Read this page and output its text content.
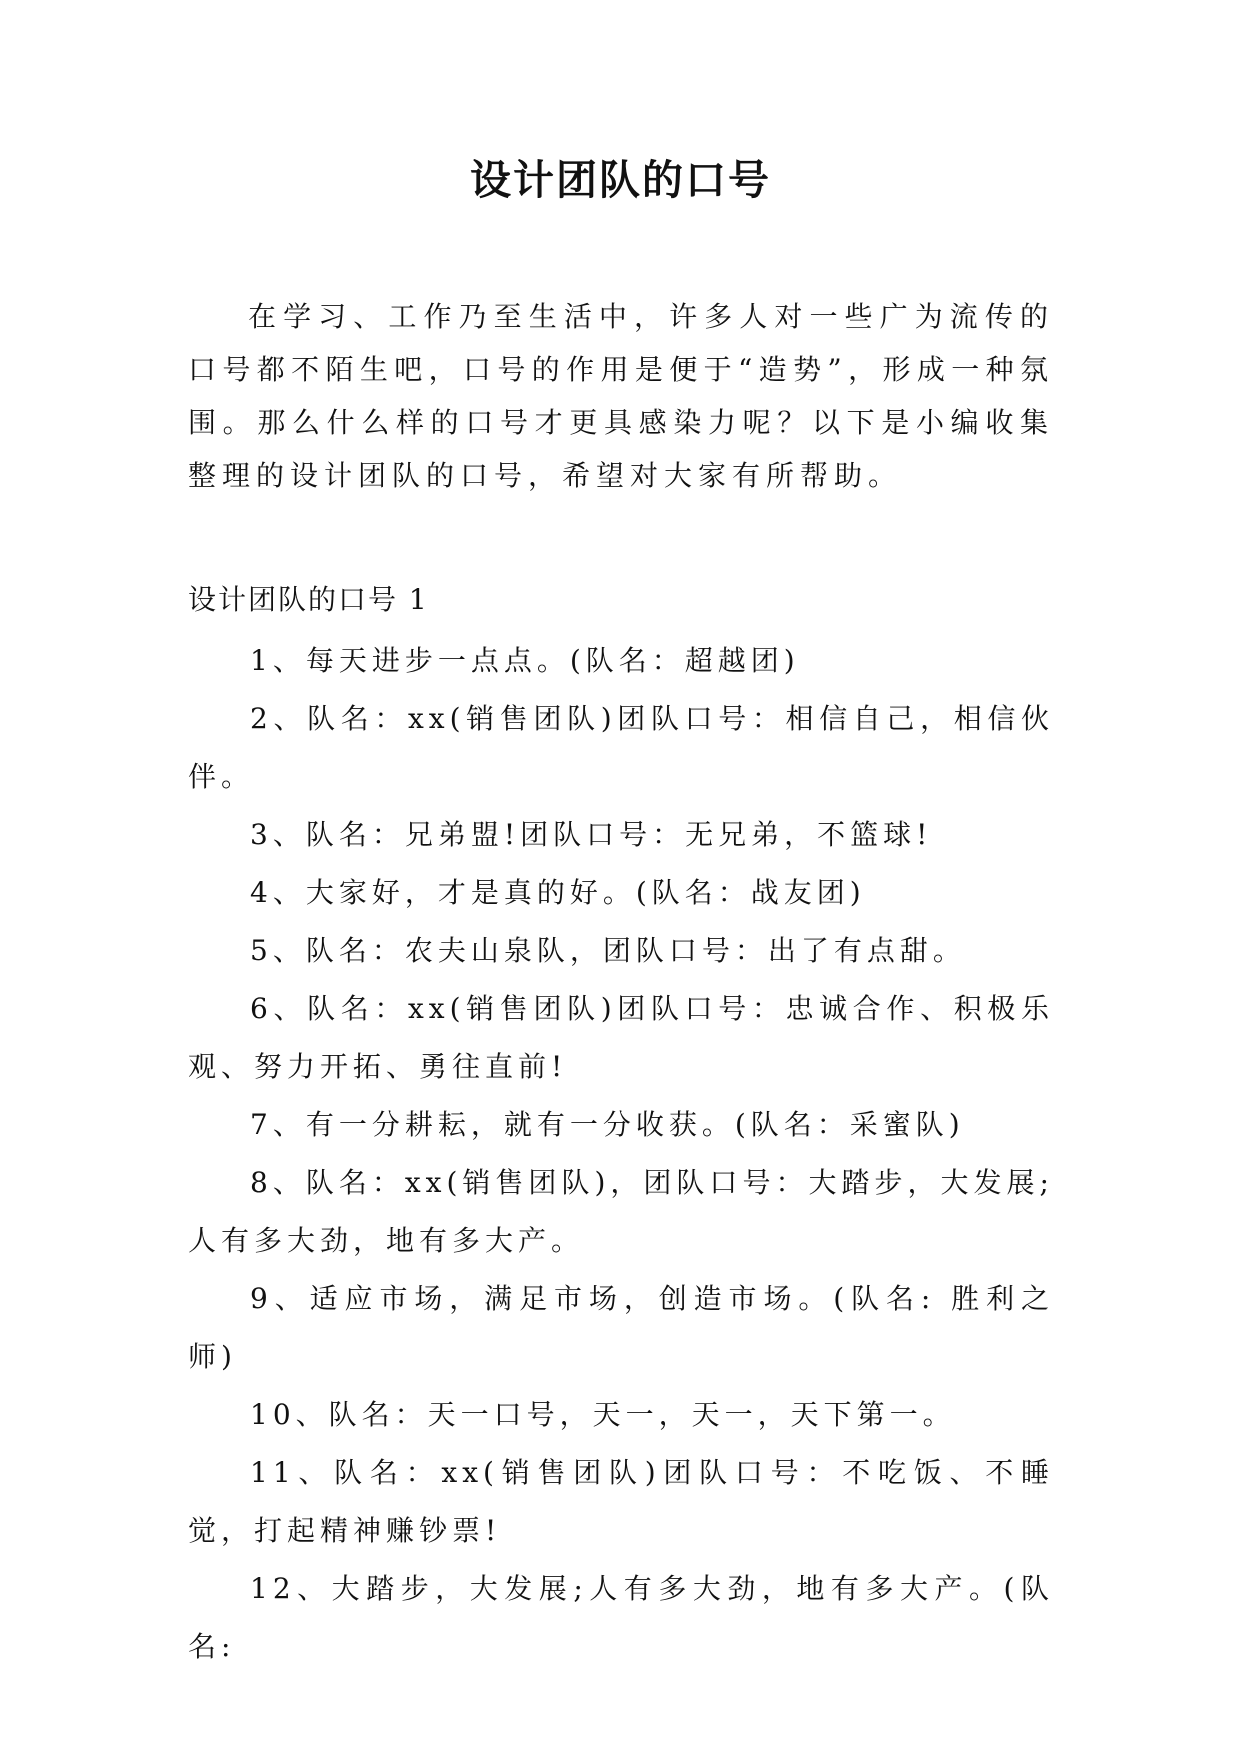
设计团队的口号

在学习、工作乃至生活中，许多人对一些广为流传的口号都不陌生吧，口号的作用是便于“造势”，形成一种氛围。那么什么样的口号才更具感染力呢？以下是小编收集整理的设计团队的口号，希望对大家有所帮助。

设计团队的口号 1

1、每天进步一点点。(队名：超越团)
2、队名：xx(销售团队)团队口号：相信自己，相信伙伴。
3、队名：兄弟盟!团队口号：无兄弟，不篮球!
4、大家好，才是真的好。(队名：战友团)
5、队名：农夫山泉队，团队口号：出了有点甜。
6、队名：xx(销售团队)团队口号：忠诚合作、积极乐观、努力开拓、勇往直前!
7、有一分耕耘，就有一分收获。(队名：采蜜队)
8、队名：xx(销售团队)，团队口号：大踏步，大发展;人有多大劲，地有多大产。
9、适应市场，满足市场，创造市场。(队名: 胜利之师)
10、队名：天一口号，天一，天一，天下第一。
11、队名：xx(销售团队)团队口号：不吃饭、不睡觉，打起精神赚钞票!
12、大踏步，大发展;人有多大劲，地有多大产。(队名:
